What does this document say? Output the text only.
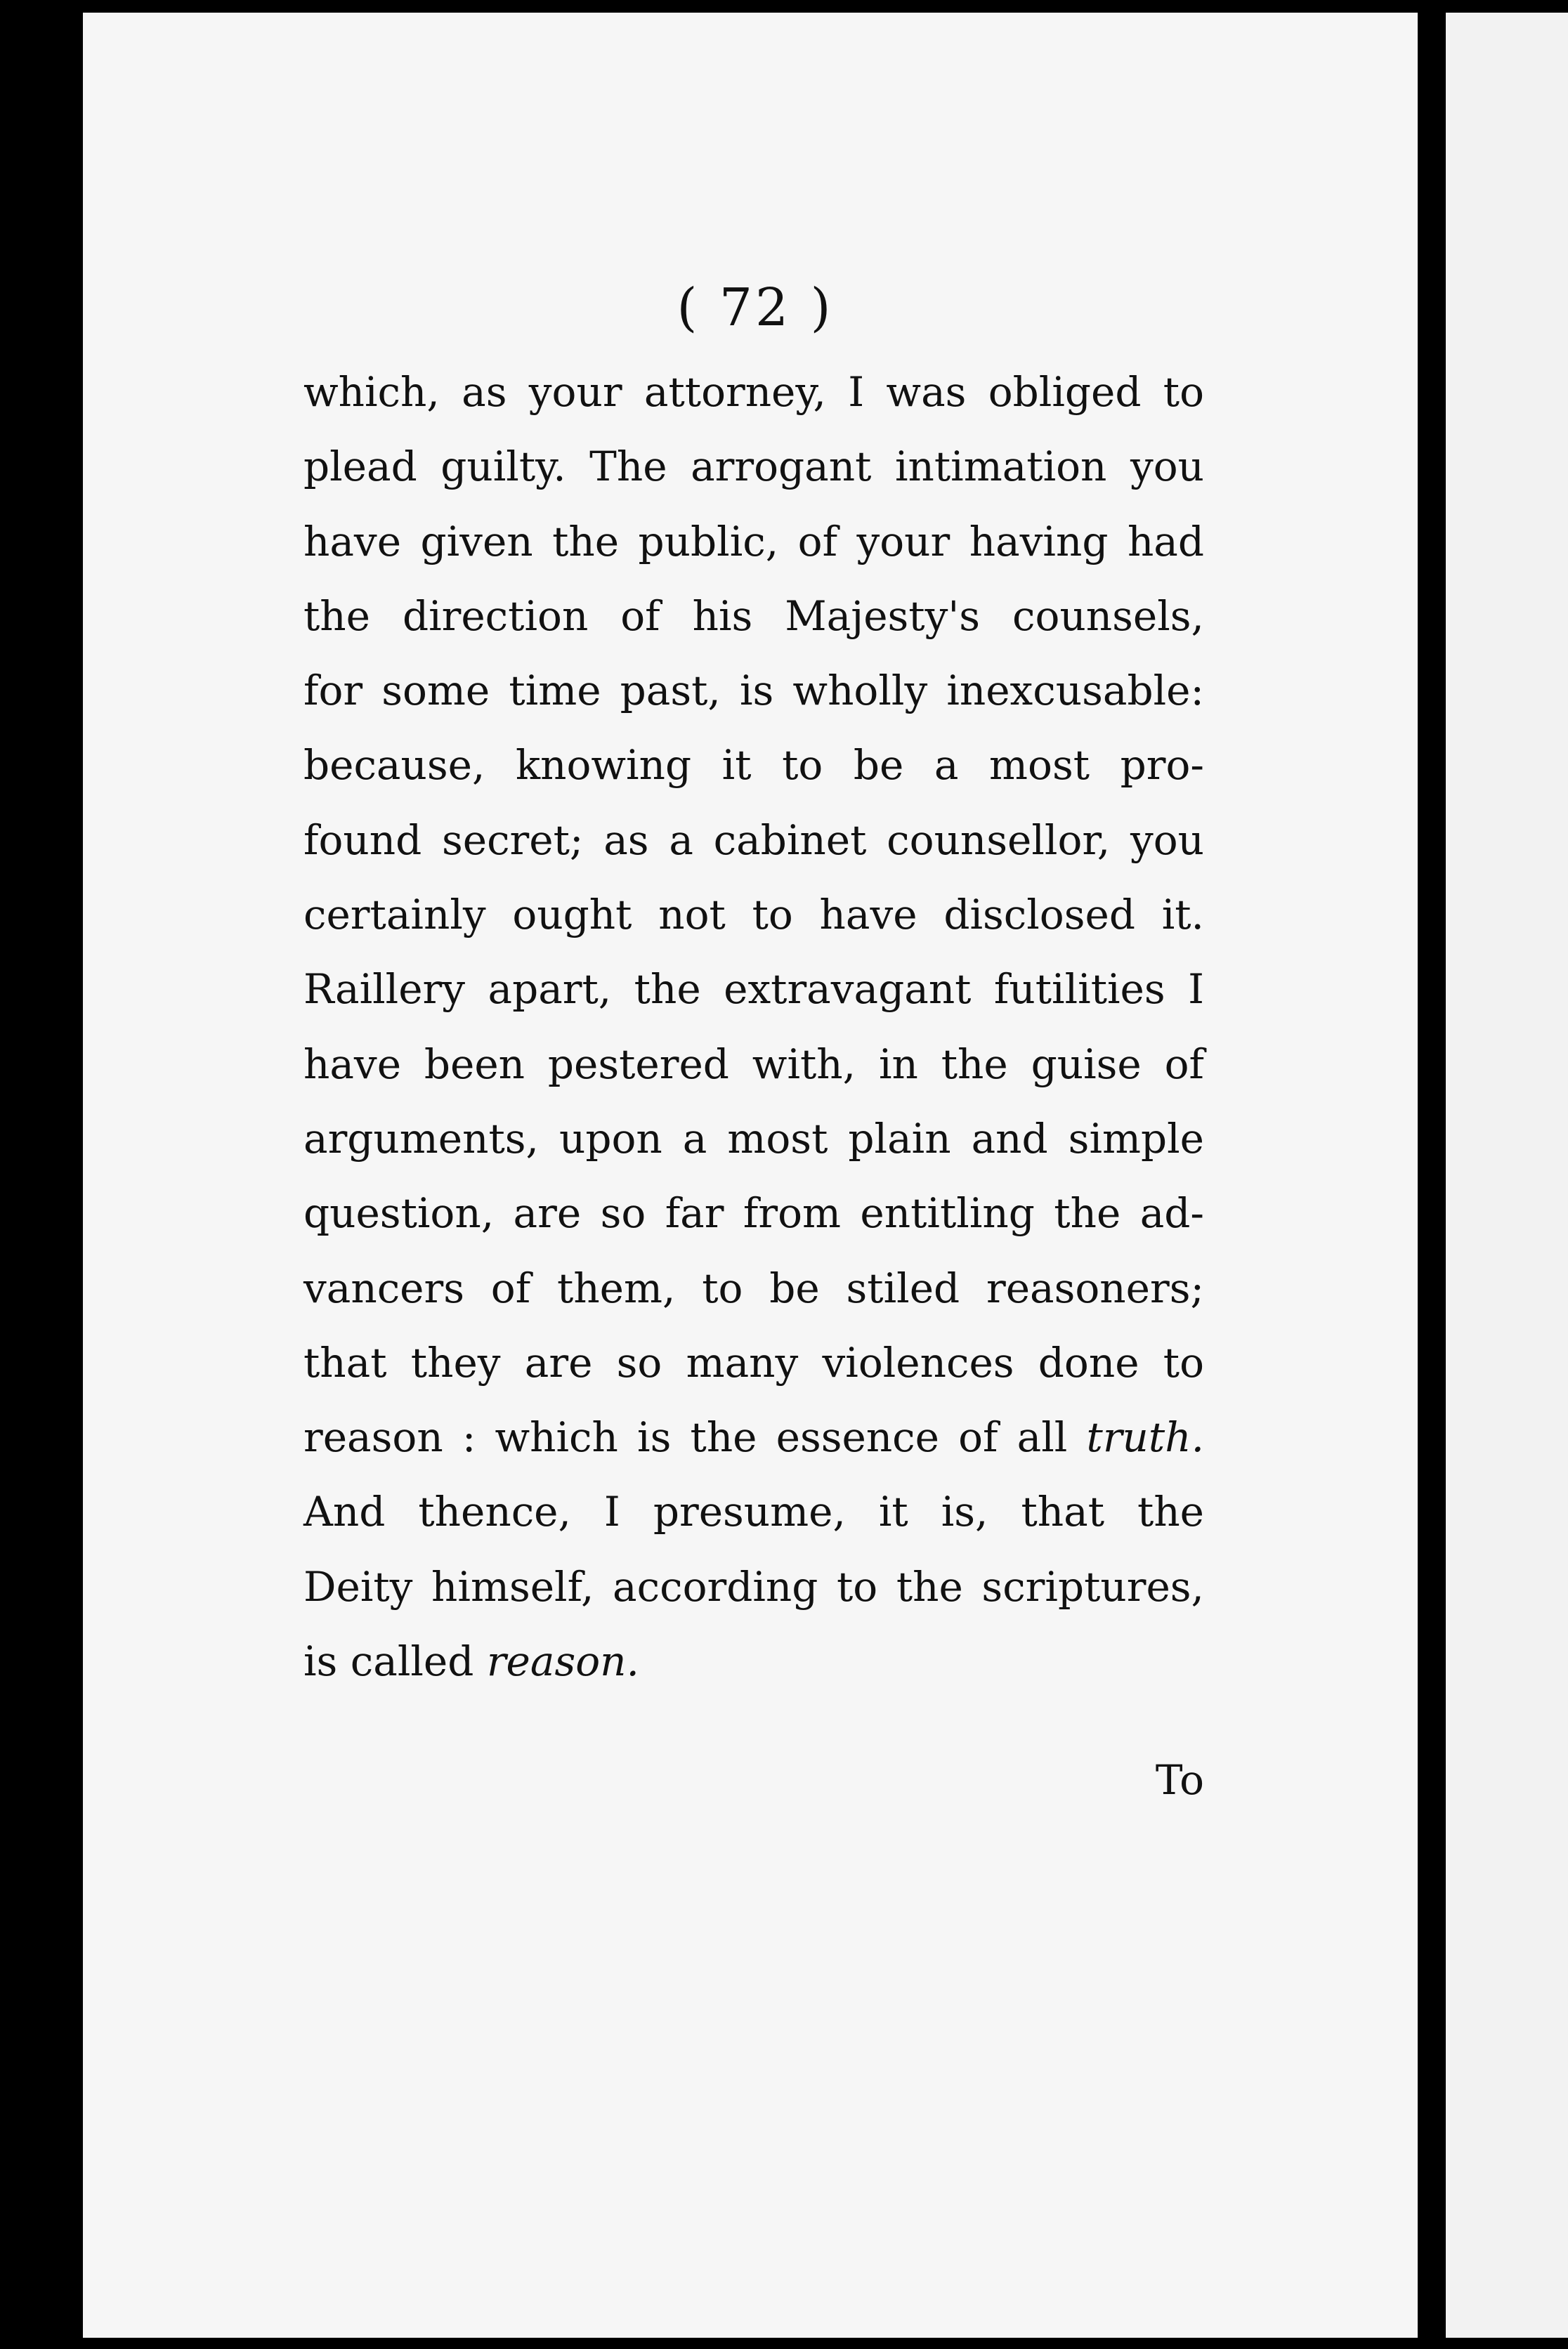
( 72 )
which, as your attorney, I was obliged to
plead guilty. The arrogant intimation you
have given the public, of your having had
the direction of his Majesty's counsels,
for some time past, is wholly inexcusable:
because, knowing it to be a most pro-
found secret; as a cabinet counsellor, you
certainly ought not to have disclosed it.
Raillery apart, the extravagant futilities I
have been pestered with, in the guise of
arguments, upon a most plain and simple
question, are so far from entitling the ad-
vancers of them, to be stiled reasoners;
that they are so many violences done to
reason : which is the essence of all truth.
And thence, I presume, it is, that the
Deity himself, according to the scriptures,
is called reason.
To
